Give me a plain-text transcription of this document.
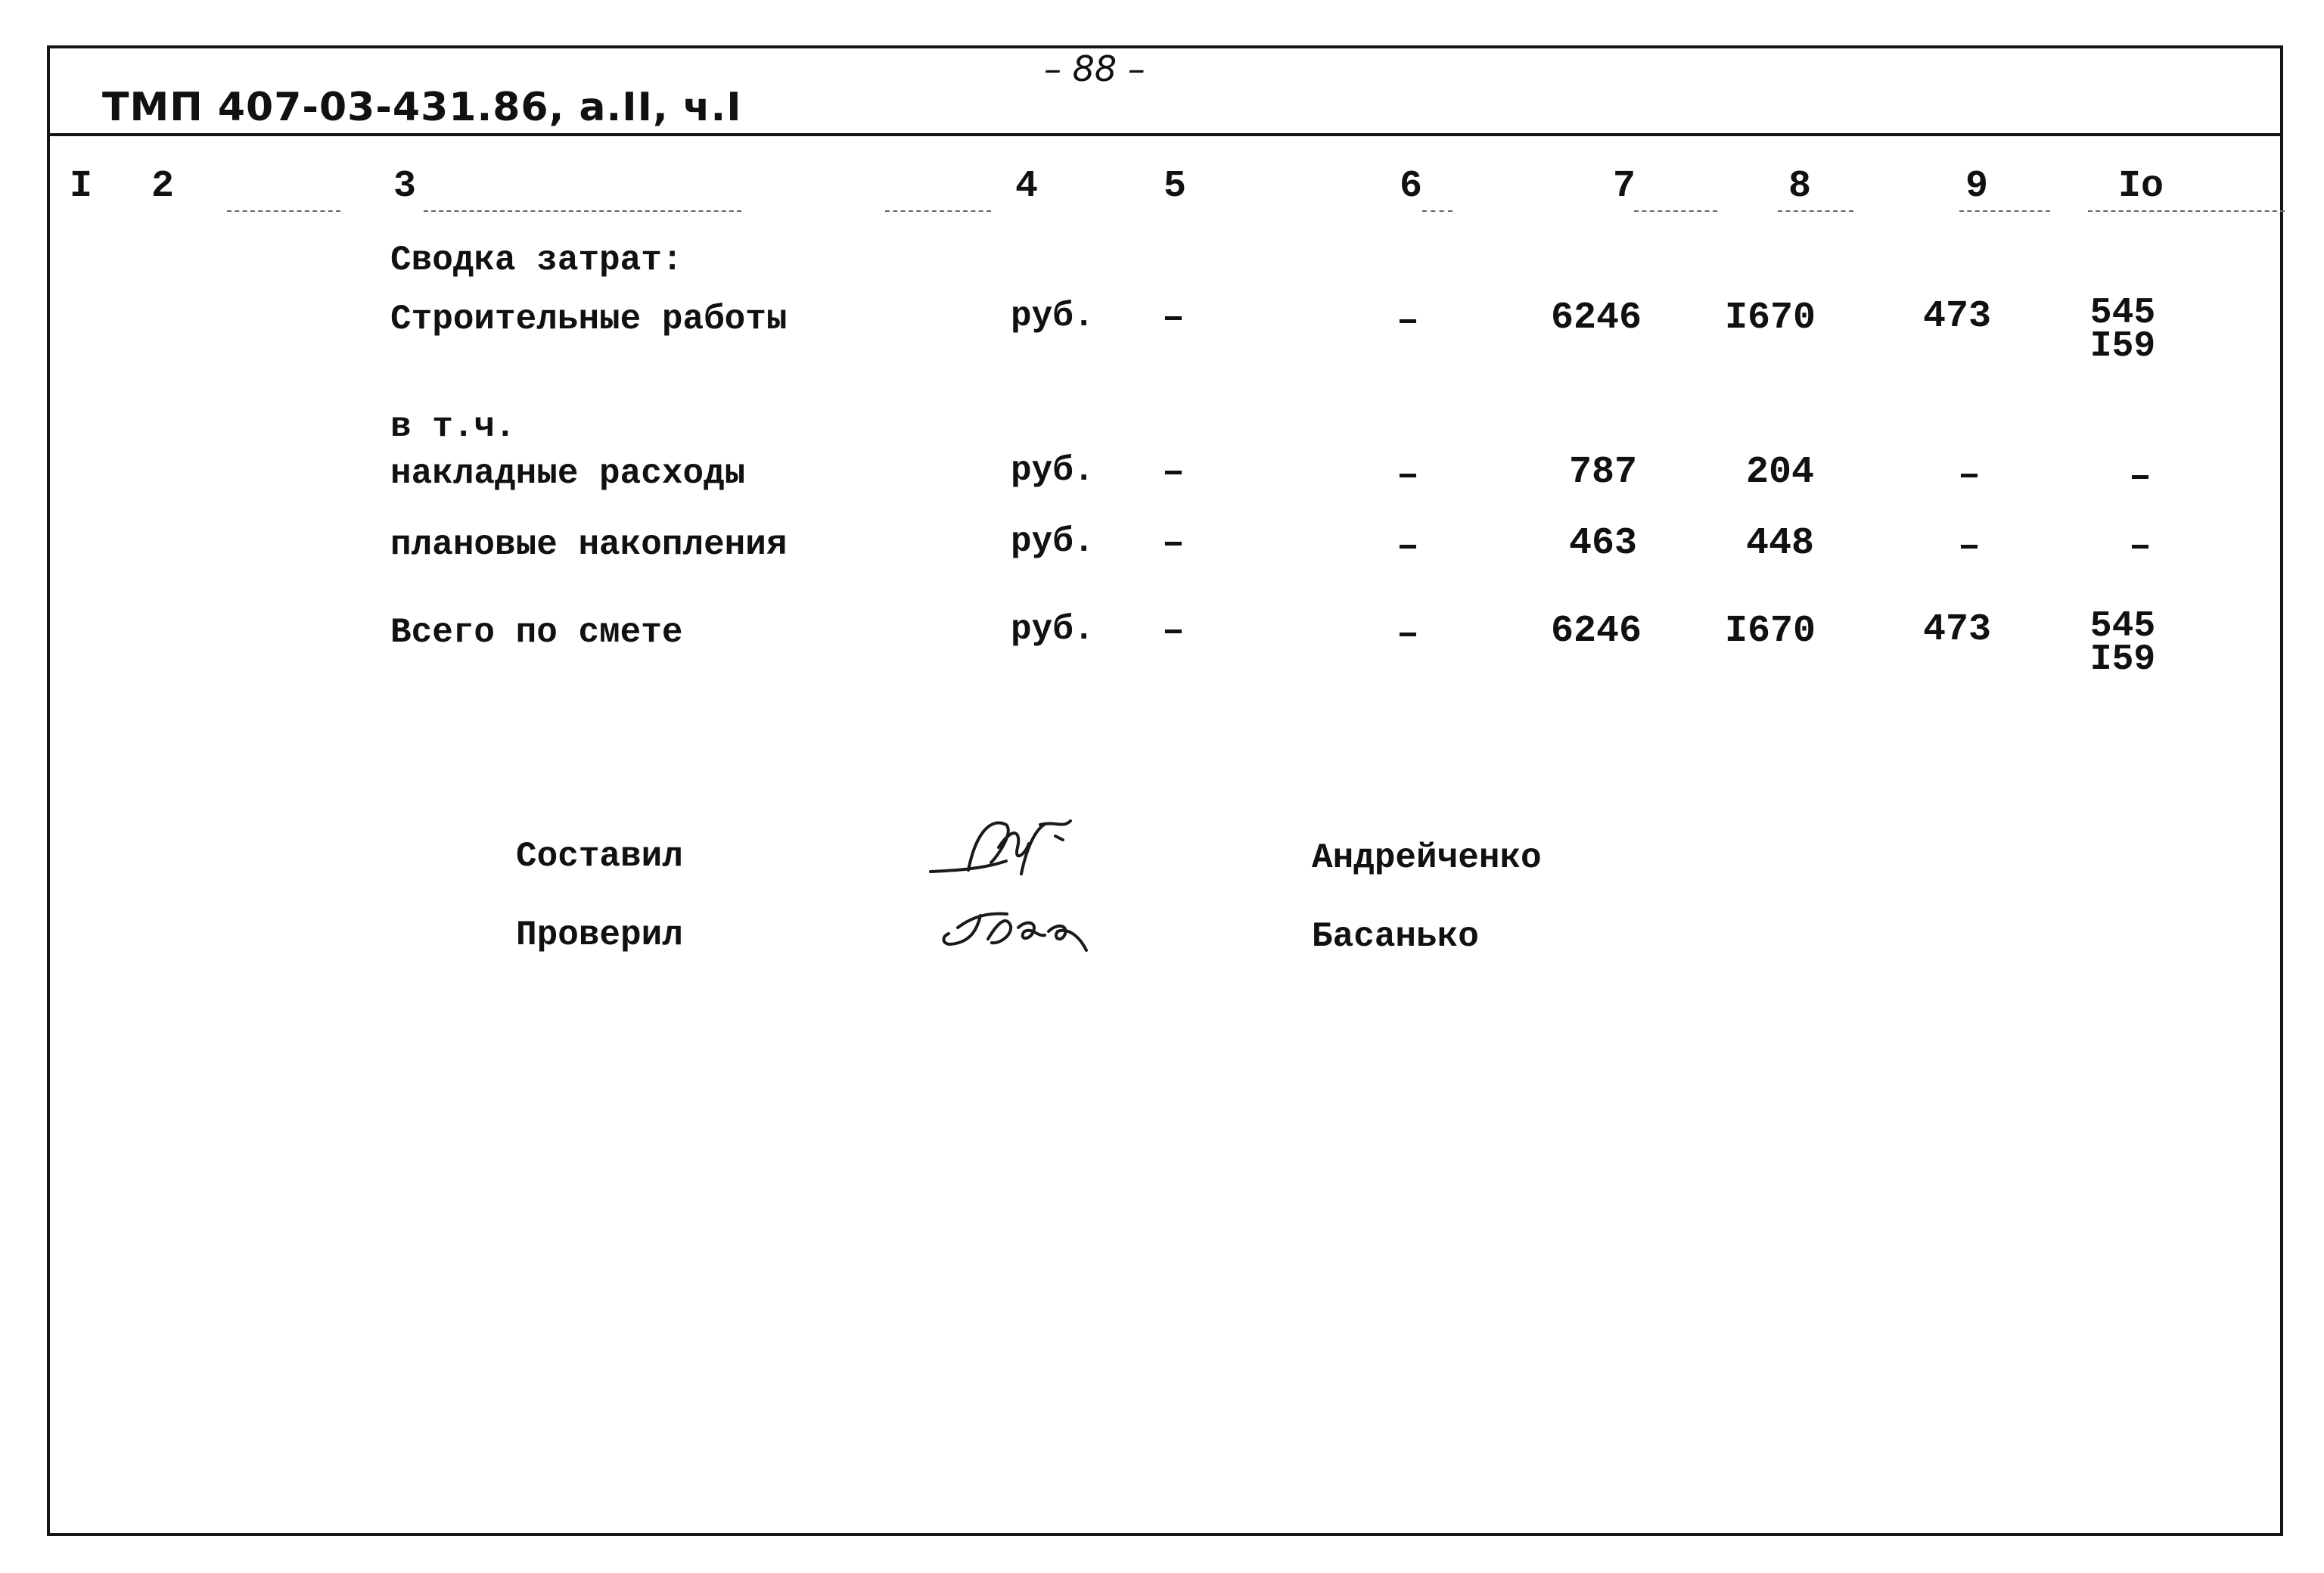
– 88 –
ТМП 407-03-431.86, а.II, ч.I
I 2	3	4	5	6	7	8	9	Io
Сводка затрат:
Строительные работы	руб. –	–	6246	I670	473	545
I59
в т.ч.
накладные расходы	руб. –	–	787	204	–	–
плановые накопления	руб. –	–	463	448	–	–
Всего по смете	руб. –	–	6246	I670	473	545
I59
Составил	Андрейченко
Проверил	Басанько
